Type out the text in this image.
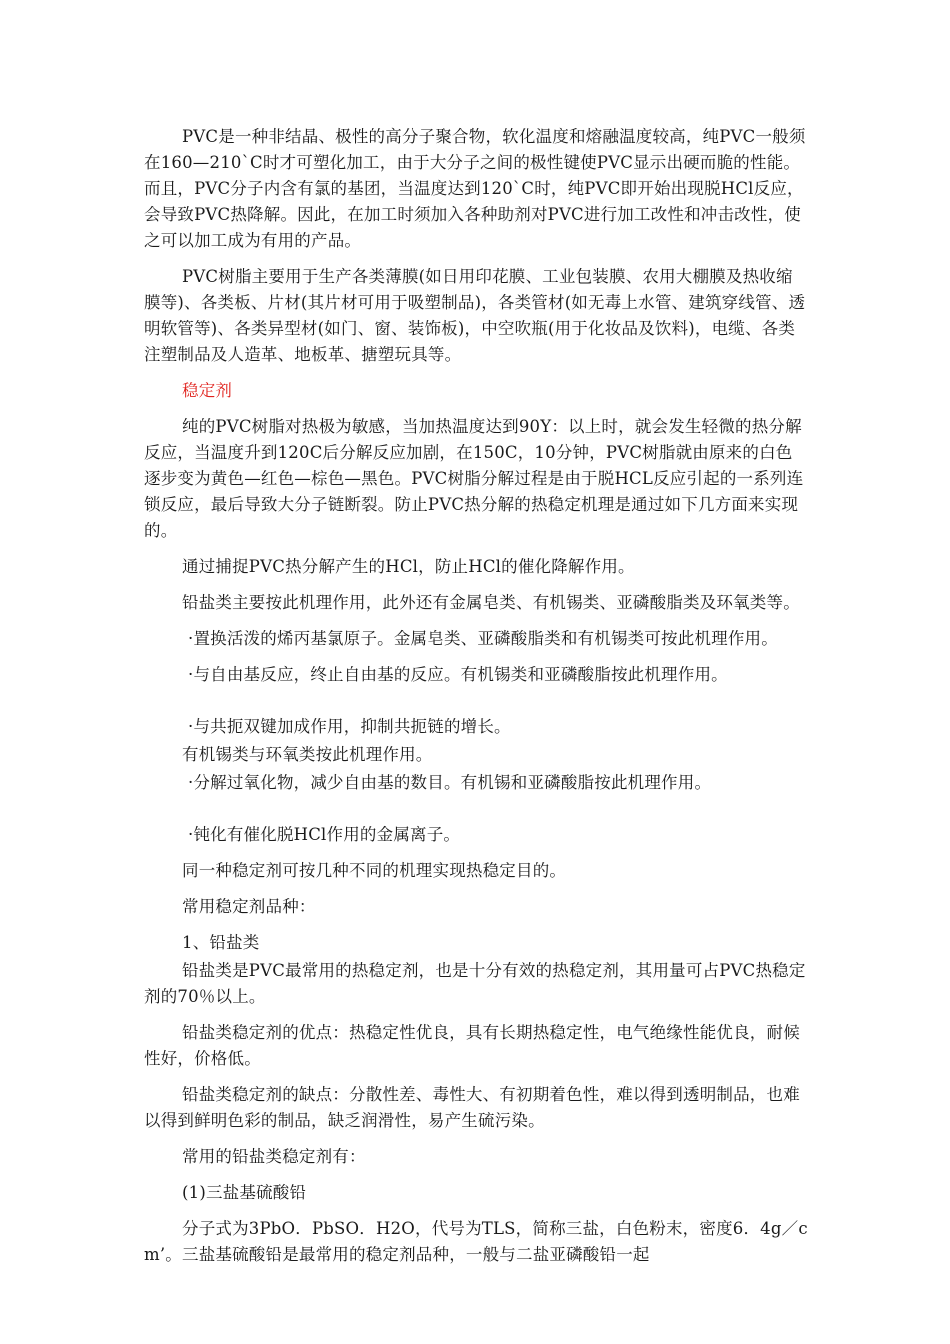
PVC是一种非结晶、极性的高分子聚合物，软化温度和熔融温度较高，纯PVC一般须在160—210`C时才可塑化加工，由于大分子之间的极性键使PVC显示出硬而脆的性能。而且，PVC分子内含有氯的基团，当温度达到120`C时，纯PVC即开始出现脱HCl反应，会导致PVC热降解。因此，在加工时须加入各种助剂对PVC进行加工改性和冲击改性，使之可以加工成为有用的产品。

PVC树脂主要用于生产各类薄膜(如日用印花膜、工业包装膜、农用大棚膜及热收缩膜等)、各类板、片材(其片材可用于吸塑制品)，各类管材(如无毒上水管、建筑穿线管、透明软管等)、各类异型材(如门、窗、装饰板)，中空吹瓶(用于化妆品及饮料)，电缆、各类注塑制品及人造革、地板革、搪塑玩具等。

稳定剂

纯的PVC树脂对热极为敏感，当加热温度达到90Y：以上时，就会发生轻微的热分解反应，当温度升到120C后分解反应加剧，在150C，10分钟，PVC树脂就由原来的白色逐步变为黄色—红色—棕色—黑色。PVC树脂分解过程是由于脱HCL反应引起的一系列连锁反应，最后导致大分子链断裂。防止PVC热分解的热稳定机理是通过如下几方面来实现的。

通过捕捉PVC热分解产生的HCl，防止HCl的催化降解作用。

铅盐类主要按此机理作用，此外还有金属皂类、有机锡类、亚磷酸脂类及环氧类等。

·置换活泼的烯丙基氯原子。金属皂类、亚磷酸脂类和有机锡类可按此机理作用。

·与自由基反应，终止自由基的反应。有机锡类和亚磷酸脂按此机理作用。

·与共扼双键加成作用，抑制共扼链的增长。

有机锡类与环氧类按此机理作用。

·分解过氧化物，减少自由基的数目。有机锡和亚磷酸脂按此机理作用。

·钝化有催化脱HCl作用的金属离子。

同一种稳定剂可按几种不同的机理实现热稳定目的。

常用稳定剂品种：

1、铅盐类

铅盐类是PVC最常用的热稳定剂，也是十分有效的热稳定剂，其用量可占PVC热稳定剂的70％以上。

铅盐类稳定剂的优点：热稳定性优良，具有长期热稳定性，电气绝缘性能优良，耐候性好，价格低。

铅盐类稳定剂的缺点：分散性差、毒性大、有初期着色性，难以得到透明制品，也难以得到鲜明色彩的制品，缺乏润滑性，易产生硫污染。

常用的铅盐类稳定剂有：

(1)三盐基硫酸铅

分子式为3PbO．PbSO．H2O，代号为TLS，简称三盐，白色粉末，密度6．4g／cm’。三盐基硫酸铅是最常用的稳定剂品种，一般与二盐亚磷酸铅一起
